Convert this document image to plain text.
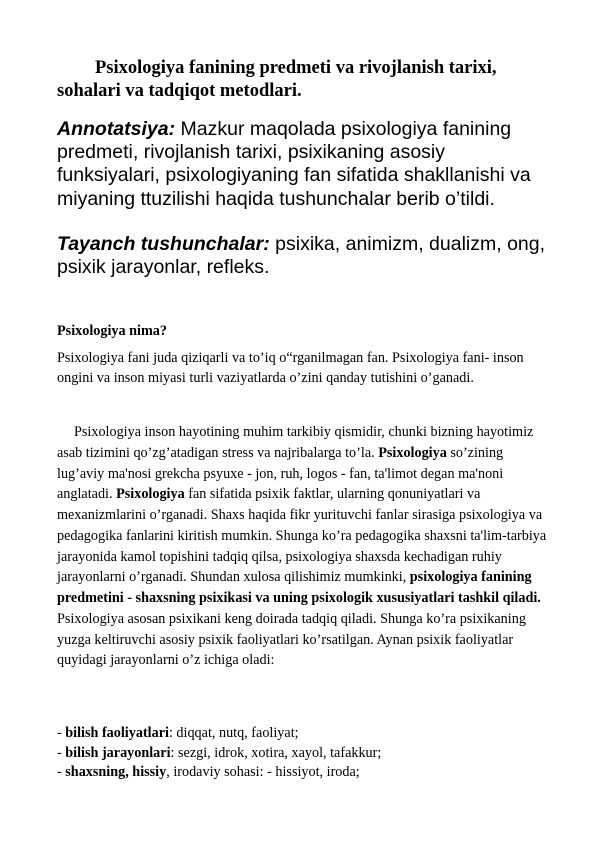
Psixologiya fanining predmeti va rivojlanish tarixi, sohalari va tadqiqot metodlari.

Annotatsiya: Mazkur maqolada psixologiya fanining predmeti, rivojlanish tarixi, psixikaning asosiy funksiyalari, psixologiyaning fan sifatida shakllanishi va miyaning ttuzilishi haqida tushunchalar berib o’tildi.

Tayanch tushunchalar: psixika, animizm, dualizm, ong, psixik jarayonlar, refleks.

Psixologiya nima?

Psixologiya fani juda qiziqarli va to’iq o“rganilmagan fan. Psixologiya fani- inson ongini va inson miyasi turli vaziyatlarda o’zini qanday tutishini o’ganadi.

Psixologiya inson hayotining muhim tarkibiy qismidir, chunki bizning hayotimiz asab tizimini qo’zg’atadigan stress va najribalarga to’la. Psixologiya so’zining lug’aviy ma'nosi grekcha psyuxe - jon, ruh, logos - fan, ta'limot degan ma'noni anglatadi. Psixologiya fan sifatida psixik faktlar, ularning qonuniyatlari va mexanizmlarini o’rganadi. Shaxs haqida fikr yurituvchi fanlar sirasiga psixologiya va pedagogika fanlarini kiritish mumkin. Shunga ko’ra pedagogika shaxsni ta'lim-tarbiya jarayonida kamol topishini tadqiq qilsa, psixologiya shaxsda kechadigan ruhiy jarayonlarni o’rganadi. Shundan xulosa qilishimiz mumkinki, psixologiya fanining predmetini - shaxsning psixikasi va uning psixologik xususiyatlari tashkil qiladi. Psixologiya asosan psixikani keng doirada tadqiq qiladi. Shunga ko’ra psixikaning yuzga keltiruvchi asosiy psixik faoliyatlari ko’rsatilgan. Aynan psixik faoliyatlar quyidagi jarayonlarni o’z ichiga oladi:

- bilish faoliyatlari: diqqat, nutq, faoliyat;
- bilish jarayonlari: sezgi, idrok, xotira, xayol, tafakkur;
- shaxsning, hissiy, irodaviy sohasi: - hissiyot, iroda;
